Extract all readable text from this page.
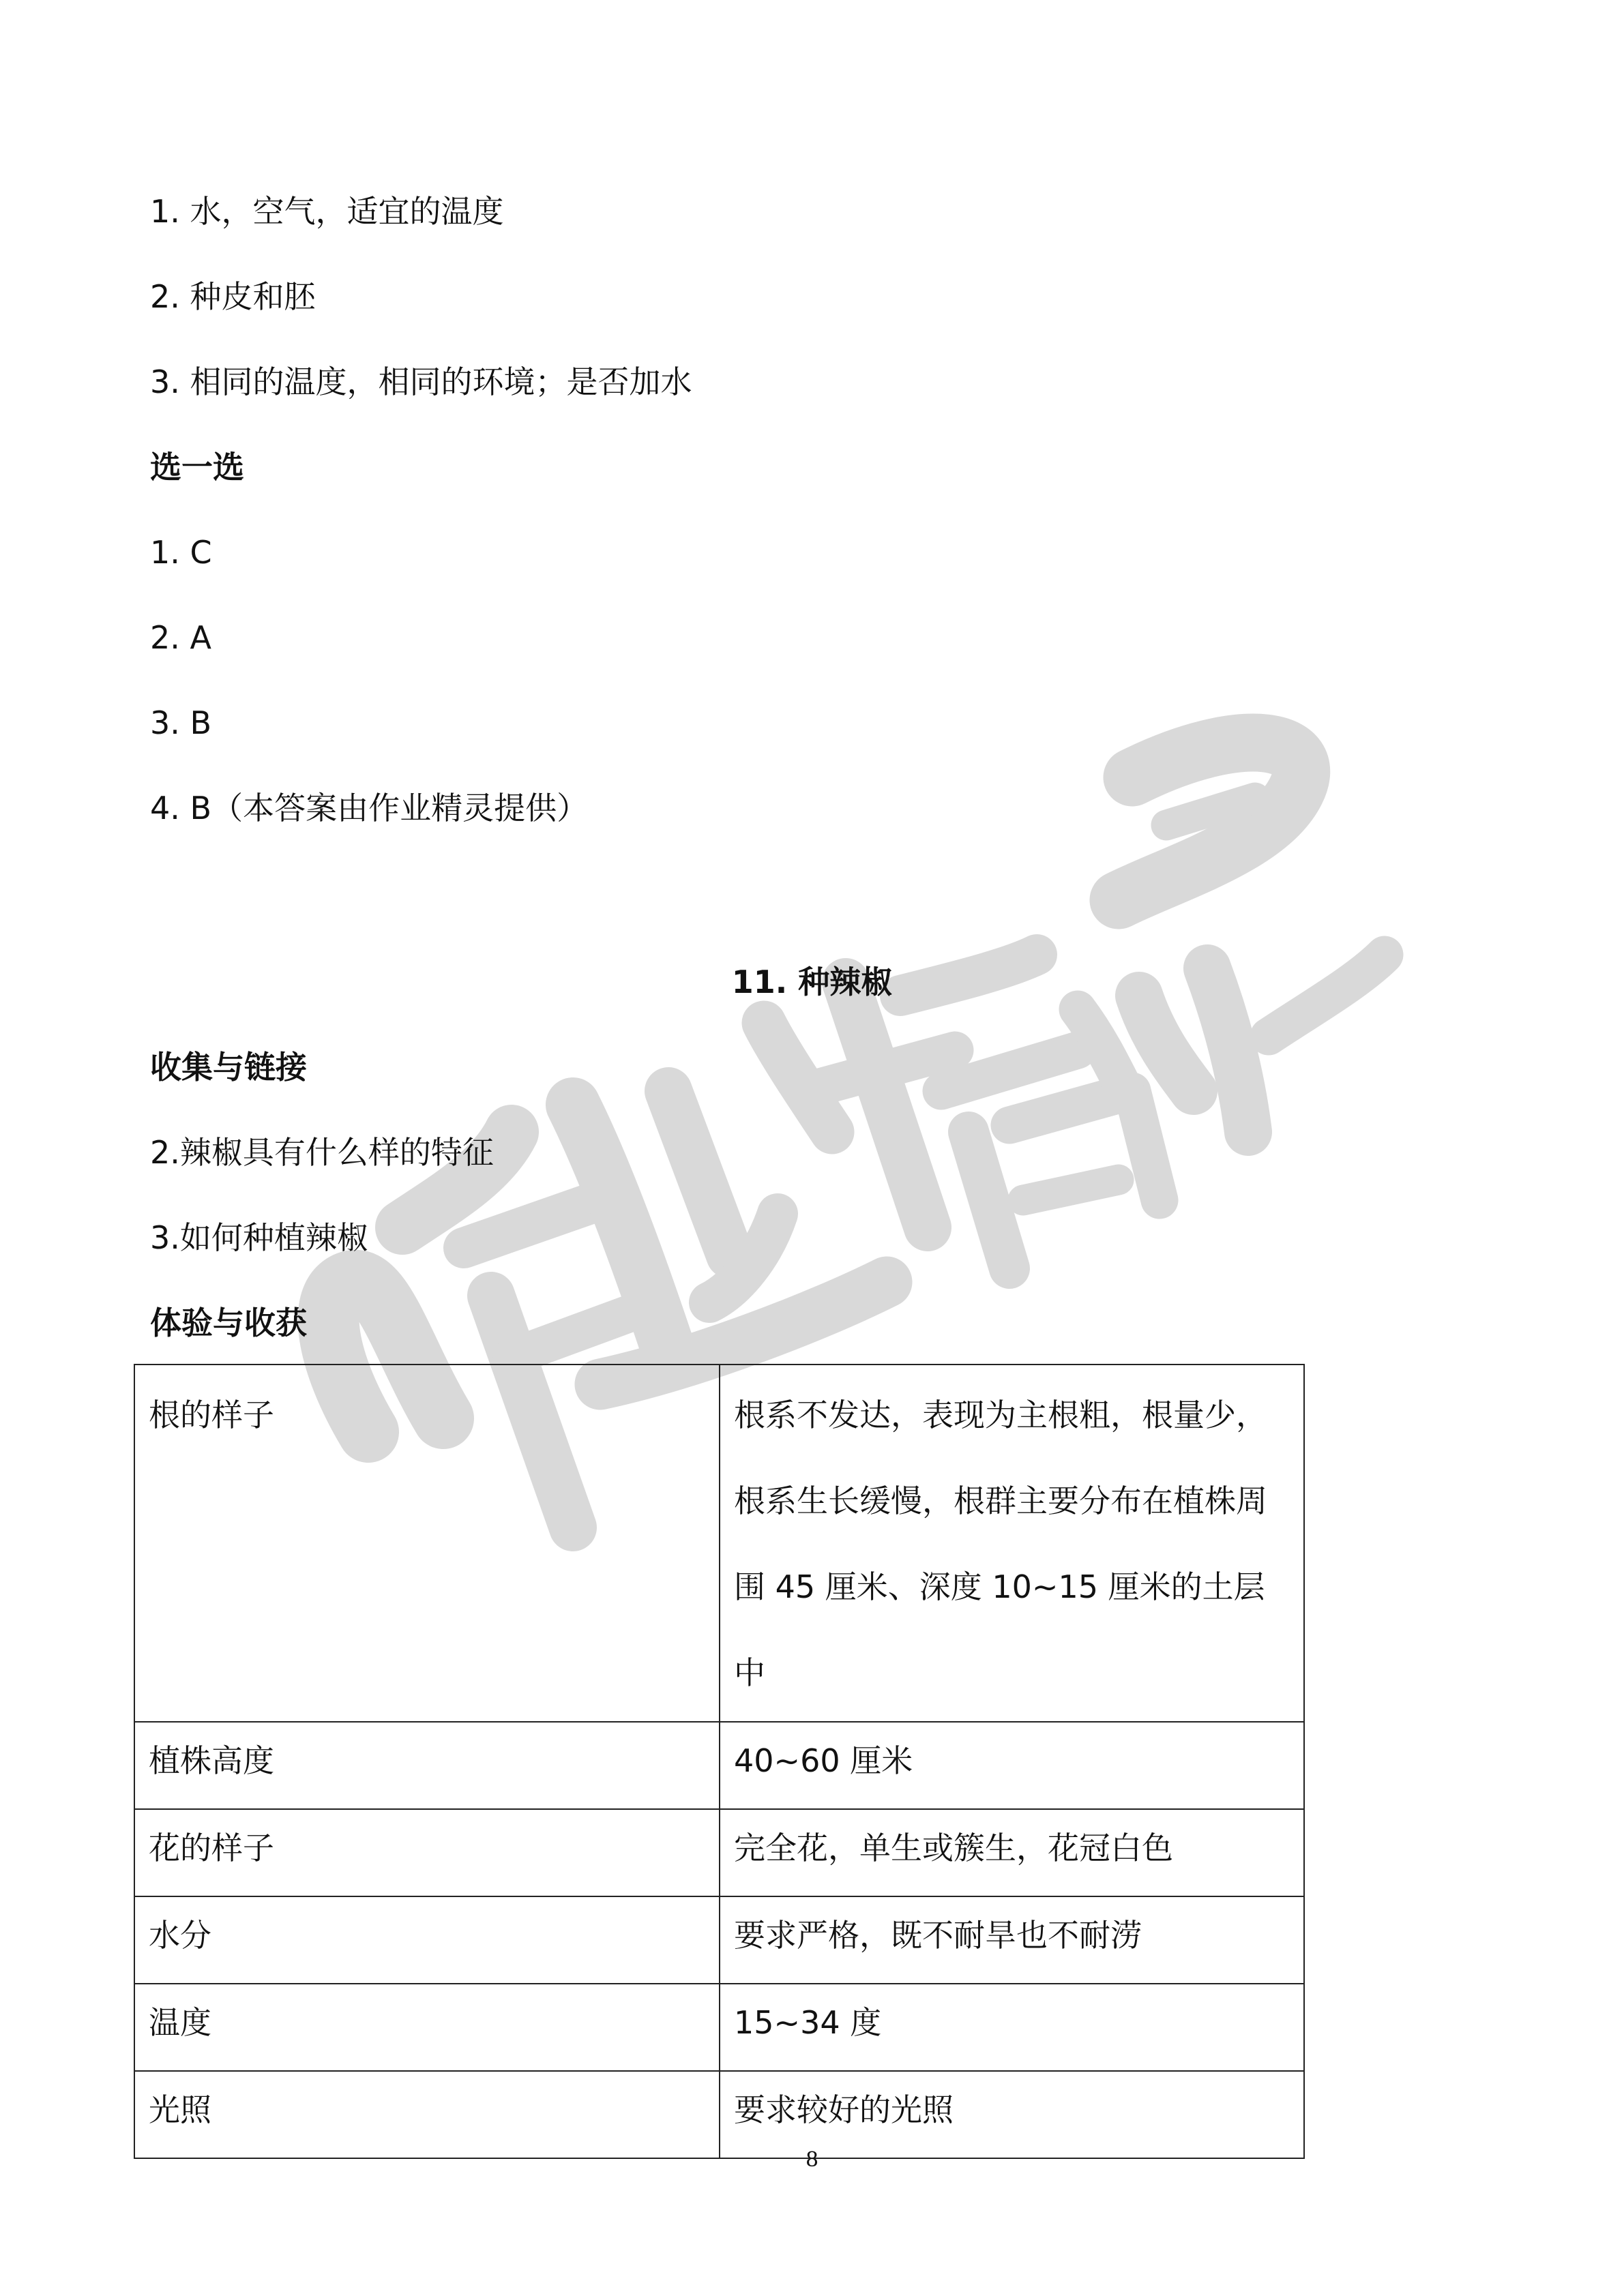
1. 水，空气，适宜的温度
2. 种皮和胚
3. 相同的温度，相同的环境；是否加水
选一选
1. C
2. A
3. B
4. B（本答案由作业精灵提供）
11. 种辣椒
收集与链接
2.辣椒具有什么样的特征
3.如何种植辣椒
体验与收获

根的样子	根系不发达，表现为主根粗，根量少，

根系生长缓慢，根群主要分布在植株周

围 45 厘米、深度 10~15 厘米的土层中

植株高度	40~60 厘米
花的样子	完全花，单生或簇生，花冠白色
水分	要求严格，既不耐旱也不耐涝
温度	15~34 度
光照	要求较好的光照
8
